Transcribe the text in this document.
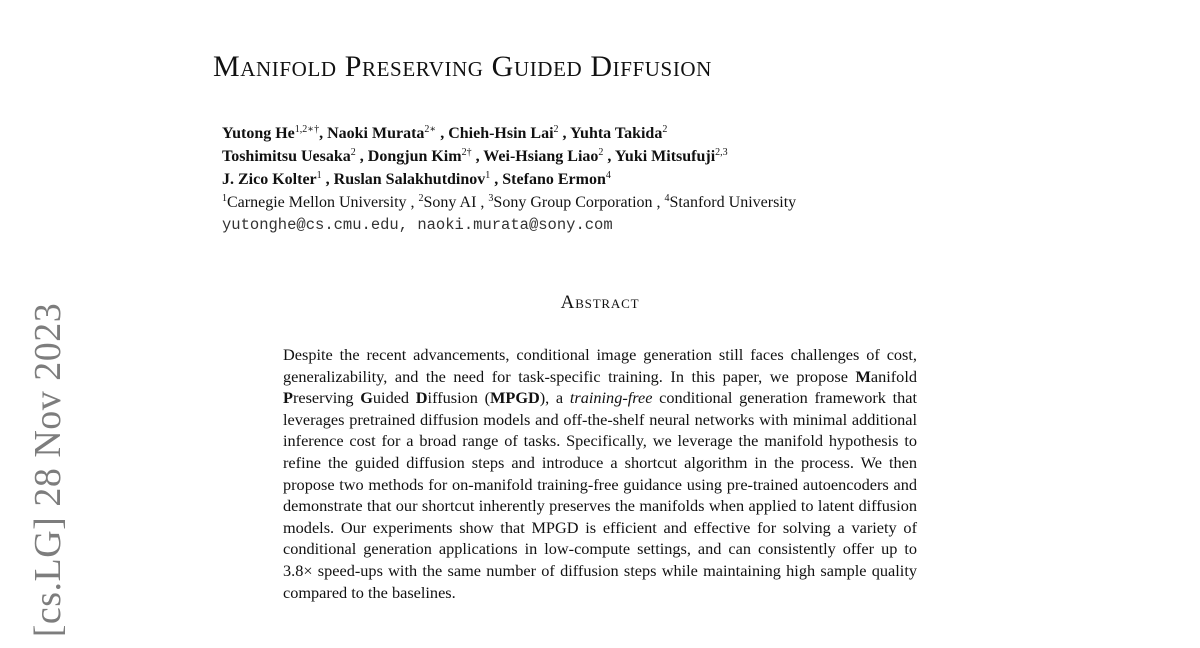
[cs.LG] 28 Nov 2023
Manifold Preserving Guided Diffusion
Yutong $He^{1,2∗\dagger}$, Naoki Murata$^{2∗}$ , Chieh-Hsin Lai$^2$ , Yuhta Takida$^2$
Toshimitsu Uesaka$^2$ , Dongjun Kim$^{2\dagger}$ , Wei-Hsiang Liao$^2$ , Yuki Mitsufuji$^{2,3}$
J. Zico Kolter$^1$ , Ruslan Salakhutdinov$^1$ , Stefano Ermon$^4$
$^1$Carnegie Mellon University , $^2$Sony AI , $^3$Sony Group Corporation , $^4$Stanford University
yutonghe@cs.cmu.edu, naoki.murata@sony.com
Abstract
Despite the recent advancements, conditional image generation still faces challenges of cost, generalizability, and the need for task-specific training. In this paper, we propose Manifold Preserving Guided Diffusion (MPGD), a training-free conditional generation framework that leverages pretrained diffusion models and off-the-shelf neural networks with minimal additional inference cost for a broad range of tasks. Specifically, we leverage the manifold hypothesis to refine the guided diffusion steps and introduce a shortcut algorithm in the process. We then propose two methods for on-manifold training-free guidance using pre-trained autoencoders and demonstrate that our shortcut inherently preserves the manifolds when applied to latent diffusion models. Our experiments show that MPGD is efficient and effective for solving a variety of conditional generation applications in low-compute settings, and can consistently offer up to 3.8× speed-ups with the same number of diffusion steps while maintaining high sample quality compared to the baselines.
